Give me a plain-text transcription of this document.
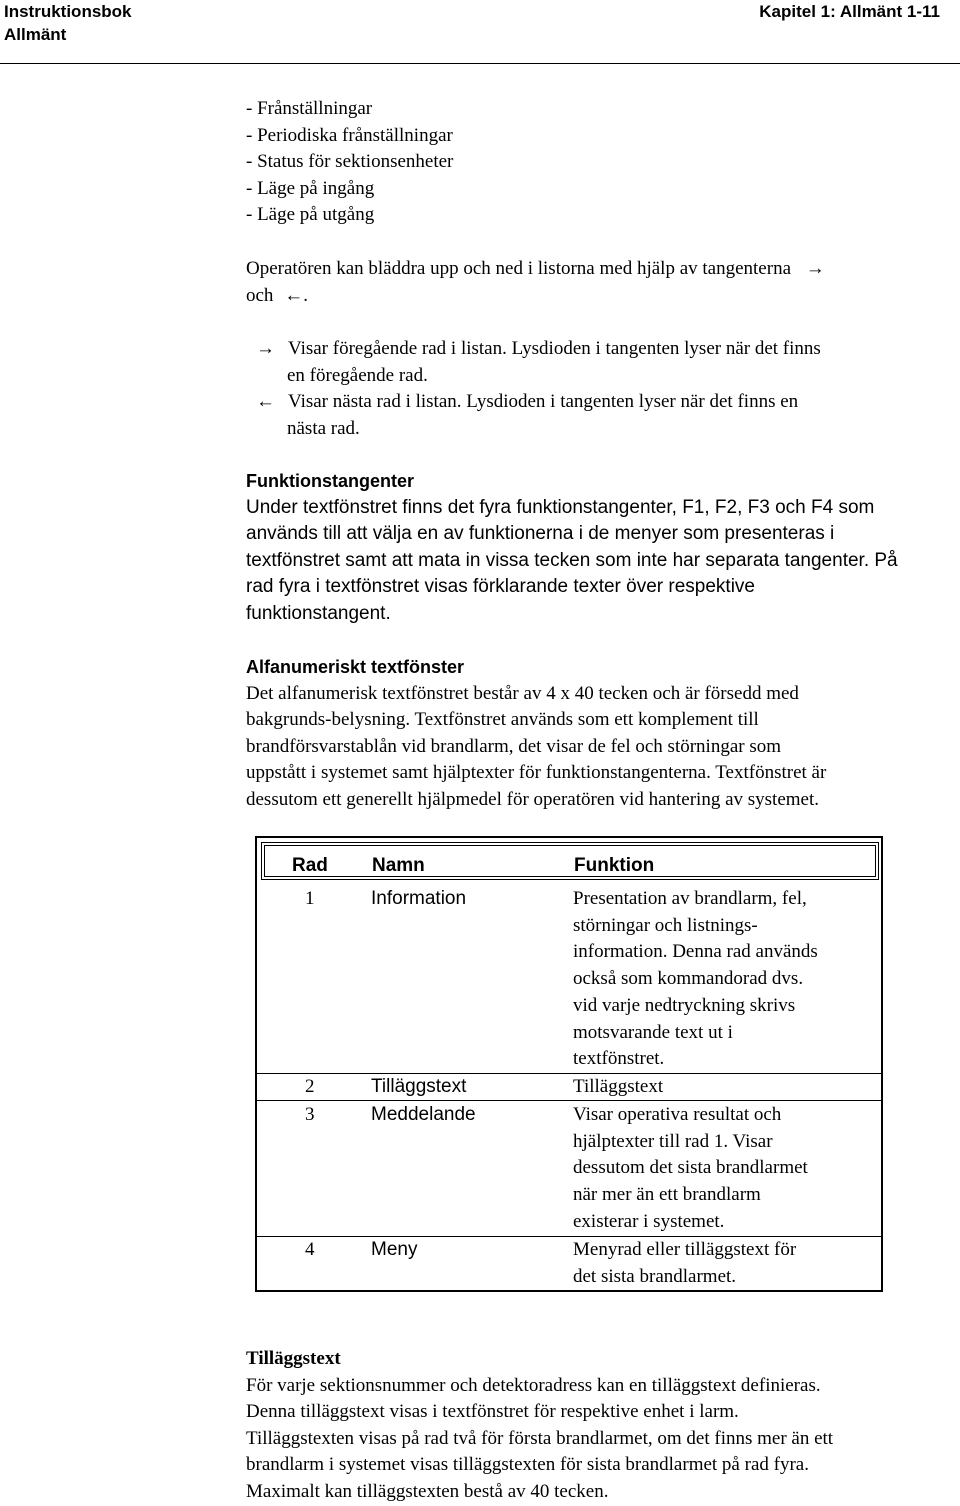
Instruktionsbok
Allmänt
Kapitel 1: Allmänt 1-11
- Frånställningar
- Periodiska frånställningar
- Status för sektionsenheter
- Läge på ingång
- Läge på utgång
Operatören kan bläddra upp och ned i listorna med hjälp av tangenterna →
och ←.
→ Visar föregående rad i listan. Lysdioden i tangenten lyser när det finns
en föregående rad.
← Visar nästa rad i listan. Lysdioden i tangenten lyser när det finns en
nästa rad.
Funktionstangenter
Under textfönstret finns det fyra funktionstangenter, F1, F2, F3 och F4 som
används till att välja en av funktionerna i de menyer som presenteras i
textfönstret samt att mata in vissa tecken som inte har separata tangenter. På
rad fyra i textfönstret visas förklarande texter över respektive
funktionstangent.
Alfanumeriskt textfönster
Det alfanumerisk textfönstret består av 4 x 40 tecken och är försedd med
bakgrunds-belysning. Textfönstret används som ett komplement till
brandförsvarstablån vid brandlarm, det visar de fel och störningar som
uppstått i systemet samt hjälptexter för funktionstangenterna. Textfönstret är
dessutom ett generellt hjälpmedel för operatören vid hantering av systemet.
Rad Namn	Funktion
1	Information	Presentation av brandlarm, fel,
störningar och listnings-
information. Denna rad används
också som kommandorad dvs.
vid varje nedtryckning skrivs
motsvarande text ut i
textfönstret.
2	Tilläggstext	Tilläggstext
3	Meddelande	Visar operativa resultat och
hjälptexter till rad 1. Visar
dessutom det sista brandlarmet
när mer än ett brandlarm
existerar i systemet.
4	Meny	Menyrad eller tilläggstext för
det sista brandlarmet.
Tilläggstext
För varje sektionsnummer och detektoradress kan en tilläggstext definieras.
Denna tilläggstext visas i textfönstret för respektive enhet i larm.
Tilläggstexten visas på rad två för första brandlarmet, om det finns mer än ett
brandlarm i systemet visas tilläggstexten för sista brandlarmet på rad fyra.
Maximalt kan tilläggstexten bestå av 40 tecken.
